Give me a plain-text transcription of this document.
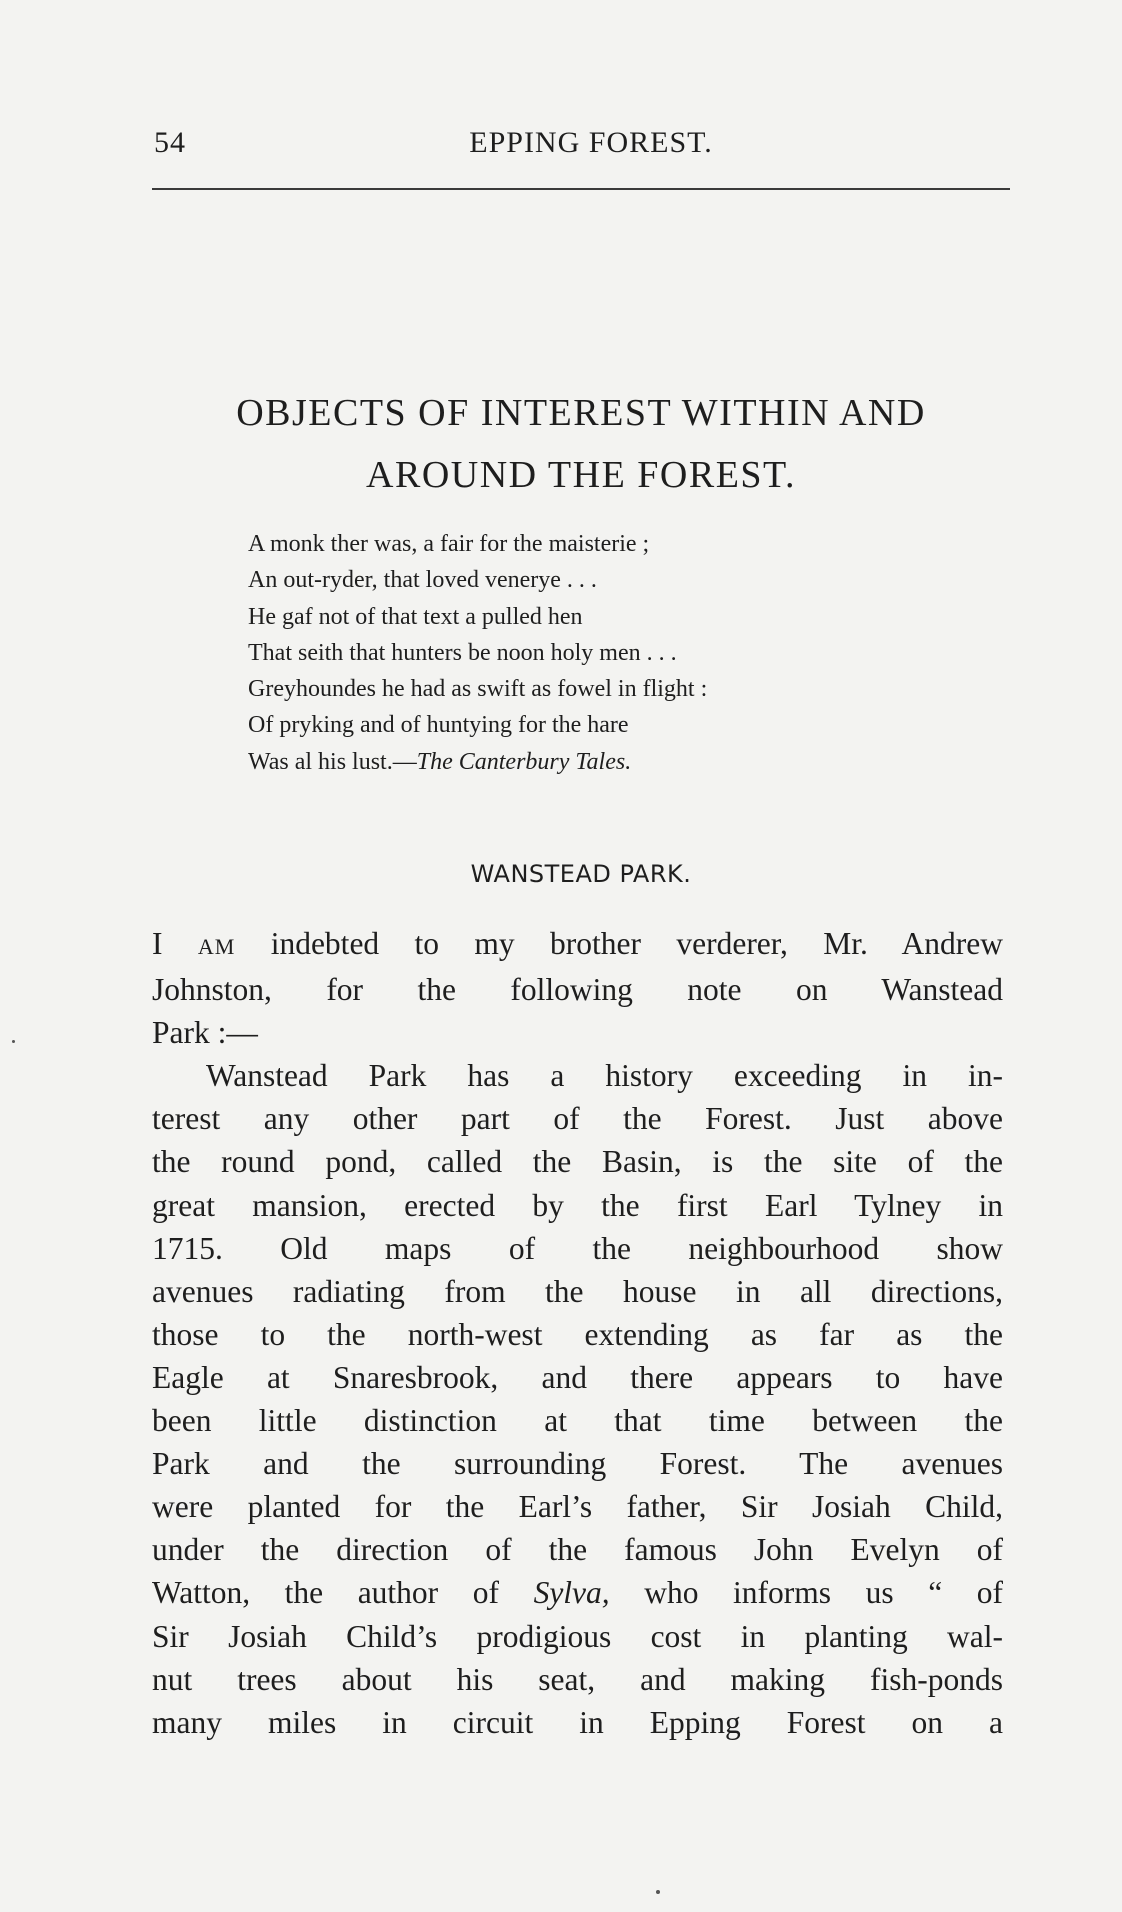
54	EPPING FOREST.
OBJECTS OF INTEREST WITHIN AND
AROUND THE FOREST.
A monk ther was, a fair for the maisterie ;
An out-ryder, that loved venerye . . .
He gaf not of that text a pulled hen
That seith that hunters be noon holy men . . .
Greyhoundes he had as swift as fowel in flight :
Of pryking and of huntying for the hare
Was al his lust.—The Canterbury Tales.
WANSTEAD PARK.

I AM indebted to my brother verderer, Mr. Andrew
Johnston, for the following note on Wanstead
Park :—

Wanstead Park has a history exceeding in in-
terest any other part of the Forest. Just above
the round pond, called the Basin, is the site of the
great mansion, erected by the first Earl Tylney in
1715. Old maps of the neighbourhood show
avenues radiating from the house in all directions,
those to the north-west extending as far as the
Eagle at Snaresbrook, and there appears to have
been little distinction at that time between the
Park and the surrounding Forest. The avenues
were planted for the Earl’s father, Sir Josiah Child,
under the direction of the famous John Evelyn of
Watton, the author of Sylva, who informs us “ of
Sir Josiah Child’s prodigious cost in planting wal-
nut trees about his seat, and making fish-ponds
many miles in circuit in Epping Forest on a
